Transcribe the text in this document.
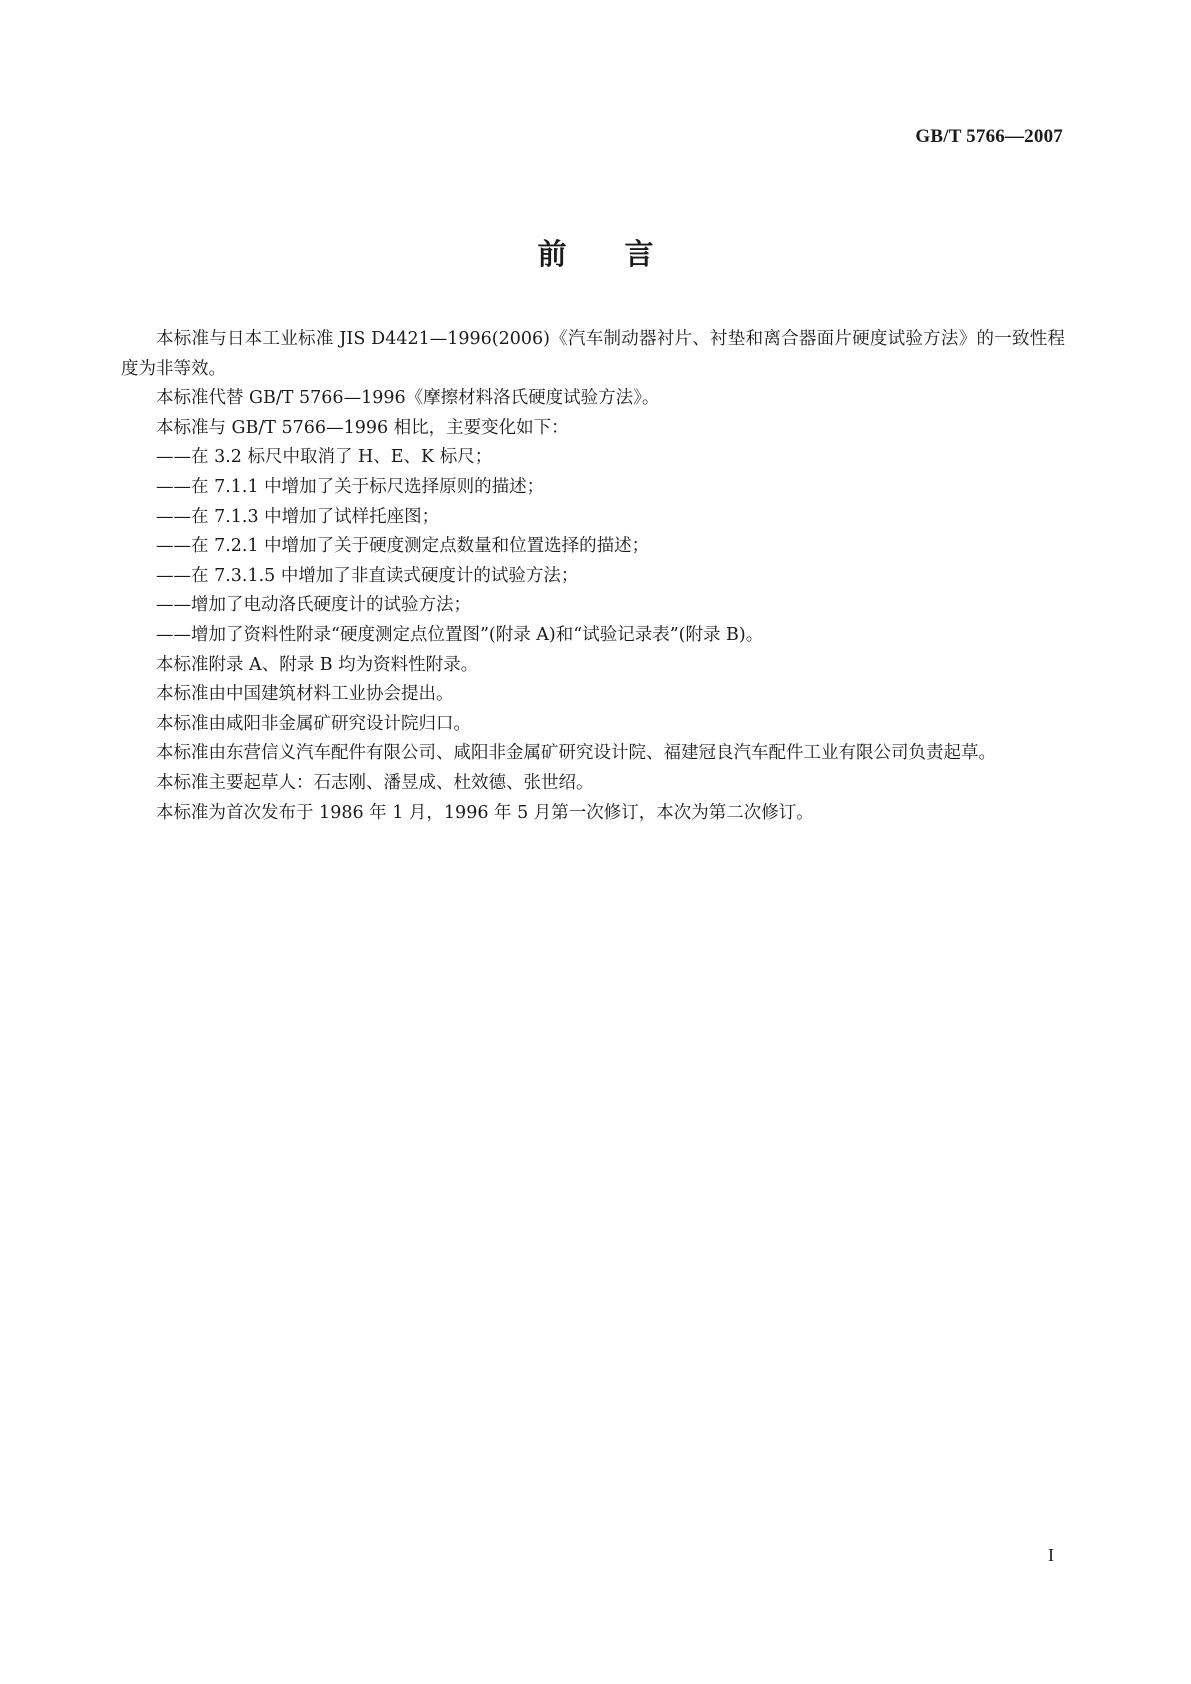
GB/T 5766—2007
前 言

本标准与日本工业标准 JIS D4421—1996(2006)《汽车制动器衬片、衬垫和离合器面片硬度试验方法》的一致性程度为非等效。

本标准代替 GB/T 5766—1996《摩擦材料洛氏硬度试验方法》。

本标准与 GB/T 5766—1996 相比，主要变化如下：

——在 3.2 标尺中取消了 H、E、K 标尺；

——在 7.1.1 中增加了关于标尺选择原则的描述；

——在 7.1.3 中增加了试样托座图；

——在 7.2.1 中增加了关于硬度测定点数量和位置选择的描述；

——在 7.3.1.5 中增加了非直读式硬度计的试验方法；

——增加了电动洛氏硬度计的试验方法；

——增加了资料性附录“硬度测定点位置图”(附录 A)和“试验记录表”(附录 B)。

本标准附录 A、附录 B 均为资料性附录。

本标准由中国建筑材料工业协会提出。

本标准由咸阳非金属矿研究设计院归口。

本标准由东营信义汽车配件有限公司、咸阳非金属矿研究设计院、福建冠良汽车配件工业有限公司负责起草。

本标准主要起草人：石志刚、潘昱成、杜效德、张世绍。

本标准为首次发布于 1986 年 1 月，1996 年 5 月第一次修订，本次为第二次修订。

I
